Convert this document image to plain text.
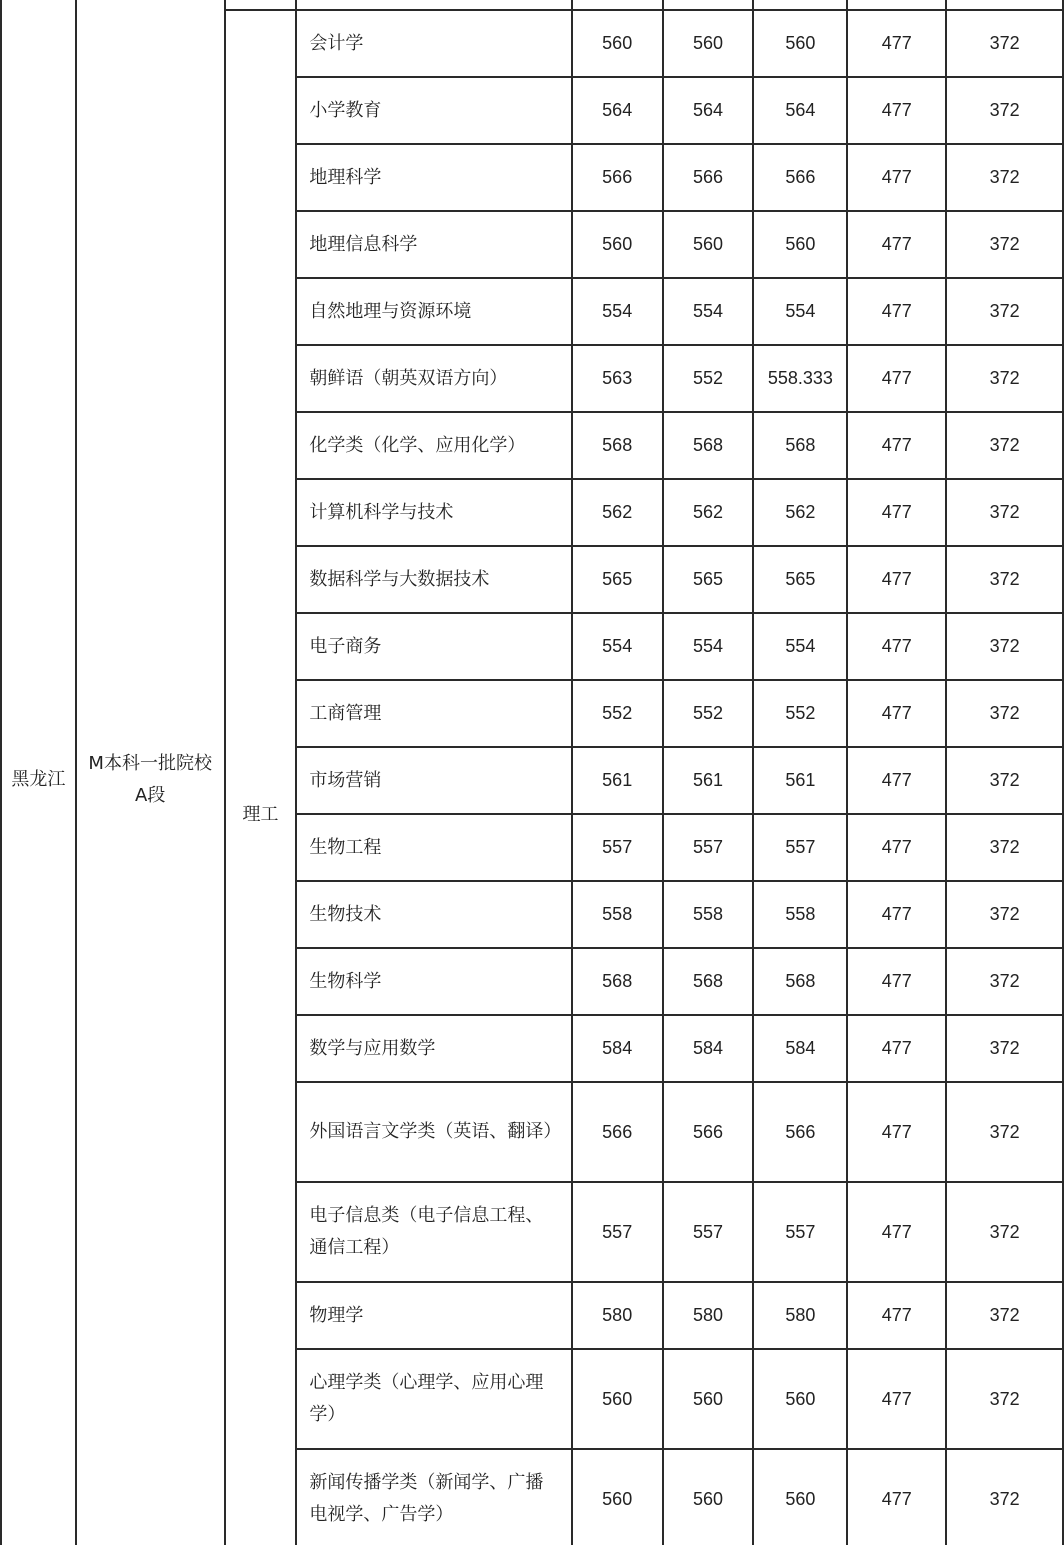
黑龙江	M本科一批院校A段							
		理工	会计学	560	560	560	477	372
			小学教育	564	564	564	477	372
			地理科学	566	566	566	477	372
			地理信息科学	560	560	560	477	372
			自然地理与资源环境	554	554	554	477	372
			朝鲜语（朝英双语方向）	563	552	558.333	477	372
			化学类（化学、应用化学）	568	568	568	477	372
			计算机科学与技术	562	562	562	477	372
			数据科学与大数据技术	565	565	565	477	372
			电子商务	554	554	554	477	372
			工商管理	552	552	552	477	372
			市场营销	561	561	561	477	372
			生物工程	557	557	557	477	372
			生物技术	558	558	558	477	372
			生物科学	568	568	568	477	372
			数学与应用数学	584	584	584	477	372
			外国语言文学类（英语、翻译）	566	566	566	477	372
			电子信息类（电子信息工程、通信工程）	557	557	557	477	372
			物理学	580	580	580	477	372
			心理学类（心理学、应用心理学）	560	560	560	477	372
			新闻传播学类（新闻学、广播电视学、广告学）	560	560	560	477	372
